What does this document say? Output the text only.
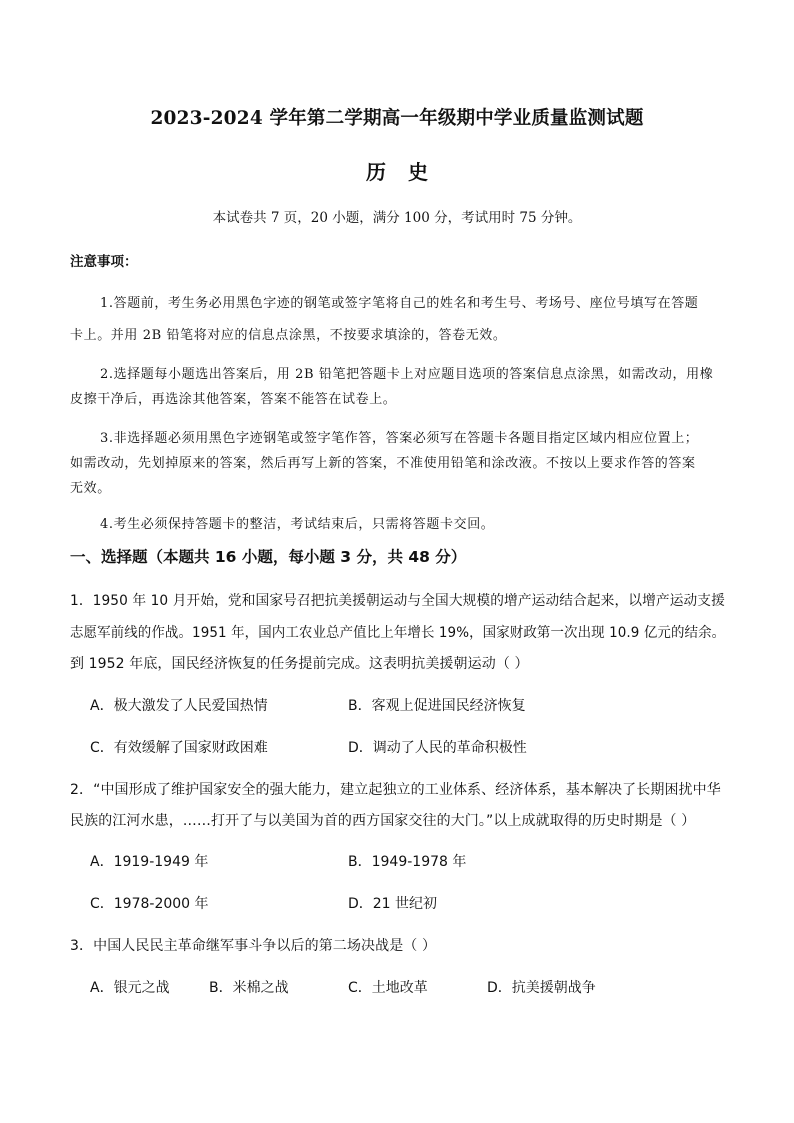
2023-2024 学年第二学期高一年级期中学业质量监测试题
历史
本试卷共 7 页，20 小题，满分 100 分，考试用时 75 分钟。
注意事项：
1.答题前，考生务必用黑色字迹的钢笔或签字笔将自己的姓名和考生号、考场号、座位号填写在答题
卡上。并用 2B 铅笔将对应的信息点涂黑，不按要求填涂的，答卷无效。
2.选择题每小题选出答案后，用 2B 铅笔把答题卡上对应题目选项的答案信息点涂黑，如需改动，用橡
皮擦干净后，再选涂其他答案，答案不能答在试卷上。
3.非选择题必须用黑色字迹钢笔或签字笔作答，答案必须写在答题卡各题目指定区域内相应位置上；
如需改动，先划掉原来的答案，然后再写上新的答案，不准使用铅笔和涂改液。不按以上要求作答的答案
无效。
4.考生必须保持答题卡的整洁，考试结束后，只需将答题卡交回。
一、选择题（本题共 16 小题，每小题 3 分，共 48 分）
1．1950 年 10 月开始，党和国家号召把抗美援朝运动与全国大规模的增产运动结合起来，以增产运动支援
志愿军前线的作战。1951 年，国内工农业总产值比上年增长 19%，国家财政第一次出现 10.9 亿元的结余。
到 1952 年底，国民经济恢复的任务提前完成。这表明抗美援朝运动（ ）
A．极大激发了人民爱国热情	B．客观上促进国民经济恢复
C．有效缓解了国家财政困难	D．调动了人民的革命积极性
2．“中国形成了维护国家安全的强大能力，建立起独立的工业体系、经济体系，基本解决了长期困扰中华
民族的江河水患，……打开了与以美国为首的西方国家交往的大门。”以上成就取得的历史时期是（ ）
A．1919-1949 年	B．1949-1978 年
C．1978-2000 年	D．21 世纪初
3．中国人民民主革命继军事斗争以后的第二场决战是（ ）
A．银元之战	B．米棉之战	C．土地改革	D．抗美援朝战争
